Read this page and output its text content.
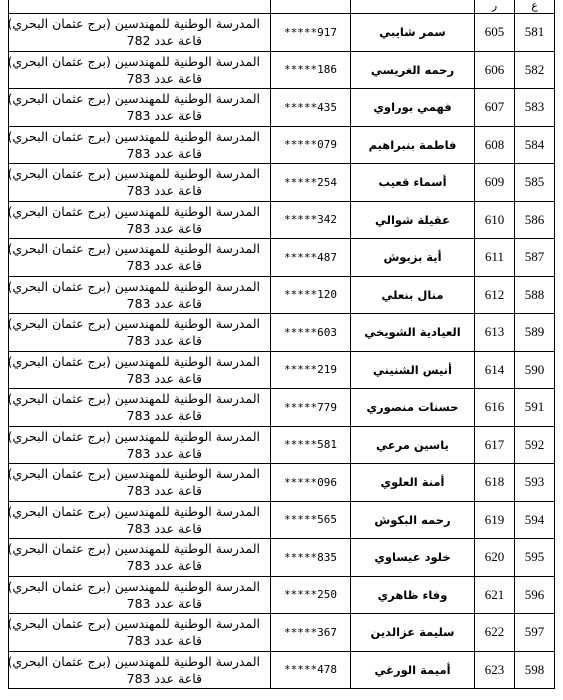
			ر	ع

المدرسة الوطنية للمهندسين (برج عثمان البحري)
قاعة عدد 782	*****917	سمر شايبي	605	581

المدرسة الوطنية للمهندسين (برج عثمان البحري)
قاعة عدد 783	*****186	رحمه الغريسي	606	582

المدرسة الوطنية للمهندسين (برج عثمان البحري)
قاعة عدد 783	*****435	فهمي بوراوي	607	583

المدرسة الوطنية للمهندسين (برج عثمان البحري)
قاعة عدد 783	*****079	فاطمة بنبراهيم	608	584

المدرسة الوطنية للمهندسين (برج عثمان البحري)
قاعة عدد 783	*****254	أسماء قعيب	609	585

المدرسة الوطنية للمهندسين (برج عثمان البحري)
قاعة عدد 783	*****342	عقيلة شوالي	610	586

المدرسة الوطنية للمهندسين (برج عثمان البحري)
قاعة عدد 783	*****487	أية بزيوش	611	587

المدرسة الوطنية للمهندسين (برج عثمان البحري)
قاعة عدد 783	*****120	منال بنعلي	612	588

المدرسة الوطنية للمهندسين (برج عثمان البحري)
قاعة عدد 783	*****603	العيادية الشويخي	613	589

المدرسة الوطنية للمهندسين (برج عثمان البحري)
قاعة عدد 783	*****219	أنيس الشنيني	614	590

المدرسة الوطنية للمهندسين (برج عثمان البحري)
قاعة عدد 783	*****779	حسنات منصوري	616	591

المدرسة الوطنية للمهندسين (برج عثمان البحري)
قاعة عدد 783	*****581	ياسين مرعي	617	592

المدرسة الوطنية للمهندسين (برج عثمان البحري)
قاعة عدد 783	*****096	أمنة العلوي	618	593

المدرسة الوطنية للمهندسين (برج عثمان البحري)
قاعة عدد 783	*****565	رحمه البكوش	619	594

المدرسة الوطنية للمهندسين (برج عثمان البحري)
قاعة عدد 783	*****835	خلود عيساوي	620	595

المدرسة الوطنية للمهندسين (برج عثمان البحري)
قاعة عدد 783	*****250	وفاء ظاهري	621	596

المدرسة الوطنية للمهندسين (برج عثمان البحري)
قاعة عدد 783	*****367	سليمة عزالدين	622	597

المدرسة الوطنية للمهندسين (برج عثمان البحري)
قاعة عدد 783	*****478	أميمة الورغي	623	598
